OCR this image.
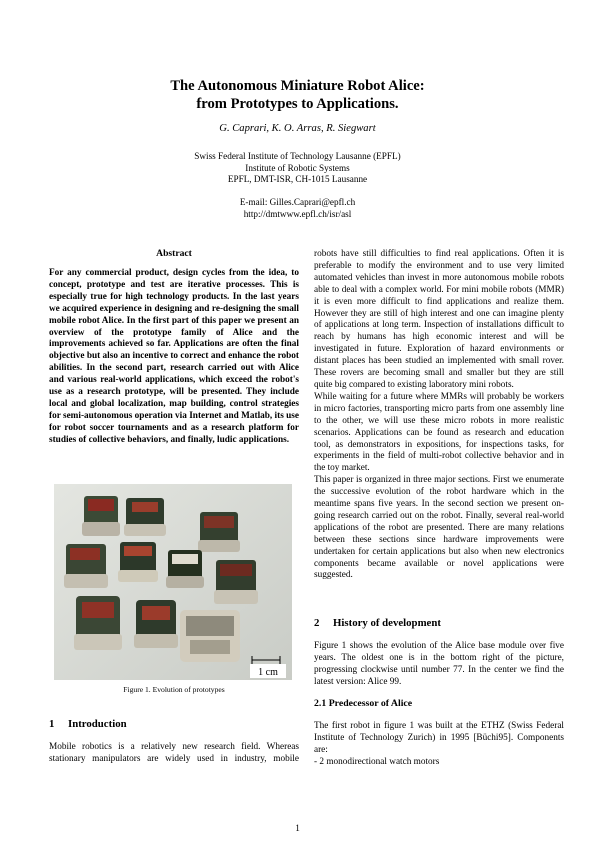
The Autonomous Miniature Robot Alice:
from Prototypes to Applications.
G. Caprari, K. O. Arras, R. Siegwart
Swiss Federal Institute of Technology Lausanne (EPFL)
Institute of Robotic Systems
EPFL, DMT-ISR, CH-1015 Lausanne
E-mail: Gilles.Caprari@epfl.ch
http://dmtwww.epfl.ch/isr/asl
Abstract

For any commercial product, design cycles from the idea, to concept, prototype and test are iterative processes. This is especially true for high technology products. In the last years we acquired experience in designing and re-designing the small mobile robot Alice. In the first part of this paper we present an overview of the prototype family of Alice and the improvements achieved so far. Applications are often the final objective but also an incentive to correct and enhance the robot abilities. In the second part, research carried out with Alice and various real-world applications, which exceed the robot's use as a research prototype, will be presented. They include local and global localization, map building, control strategies for semi-autonomous operation via Internet and Matlab, its use for robot soccer tournaments and as a research platform for studies of collective behaviors, and finally, ludic applications.

1 cm
Figure 1. Evolution of prototypes
1 Introduction

Mobile robotics is a relatively new research field. Whereas stationary manipulators are widely used in industry, mobile

robots have still difficulties to find real applications. Often it is preferable to modify the environment and to use very limited automated vehicles than invest in more autonomous mobile robots able to deal with a complex world. For mini mobile robots (MMR) it is even more difficult to find applications and realize them. However they are still of high interest and one can imagine plenty of applications at long term. Inspection of installations difficult to reach by humans has high economic interest and will be investigated in future. Exploration of hazard environments or distant places has been studied an implemented with small rover. These rovers are becoming small and smaller but they are still quite big compared to existing laboratory mini robots.

While waiting for a future where MMRs will probably be workers in micro factories, transporting micro parts from one assembly line to the other, we will use these micro robots in more realistic scenarios. Applications can be found as research and education tool, as demonstrators in expositions, for inspections tasks, for experiments in the field of multi-robot collective behavior and in the toy market.

This paper is organized in three major sections. First we enumerate the successive evolution of the robot hardware which in the meantime spans five years. In the second section we present on-going research carried out on the robot. Finally, several real-world applications of the robot are presented. There are many relations between these sections since hardware improvements were undertaken for certain applications but also when new electronics components became available or novel applications were suggested.

2 History of development

Figure 1 shows the evolution of the Alice base module over five years. The oldest one is in the bottom right of the picture, progressing clockwise until number 77. In the center we find the latest version: Alice 99.

2.1 Predecessor of Alice

The first robot in figure 1 was built at the ETHZ (Swiss Federal Institute of Technology Zurich) in 1995 [Büchi95]. Components are:

- 2 monodirectional watch motors

1
